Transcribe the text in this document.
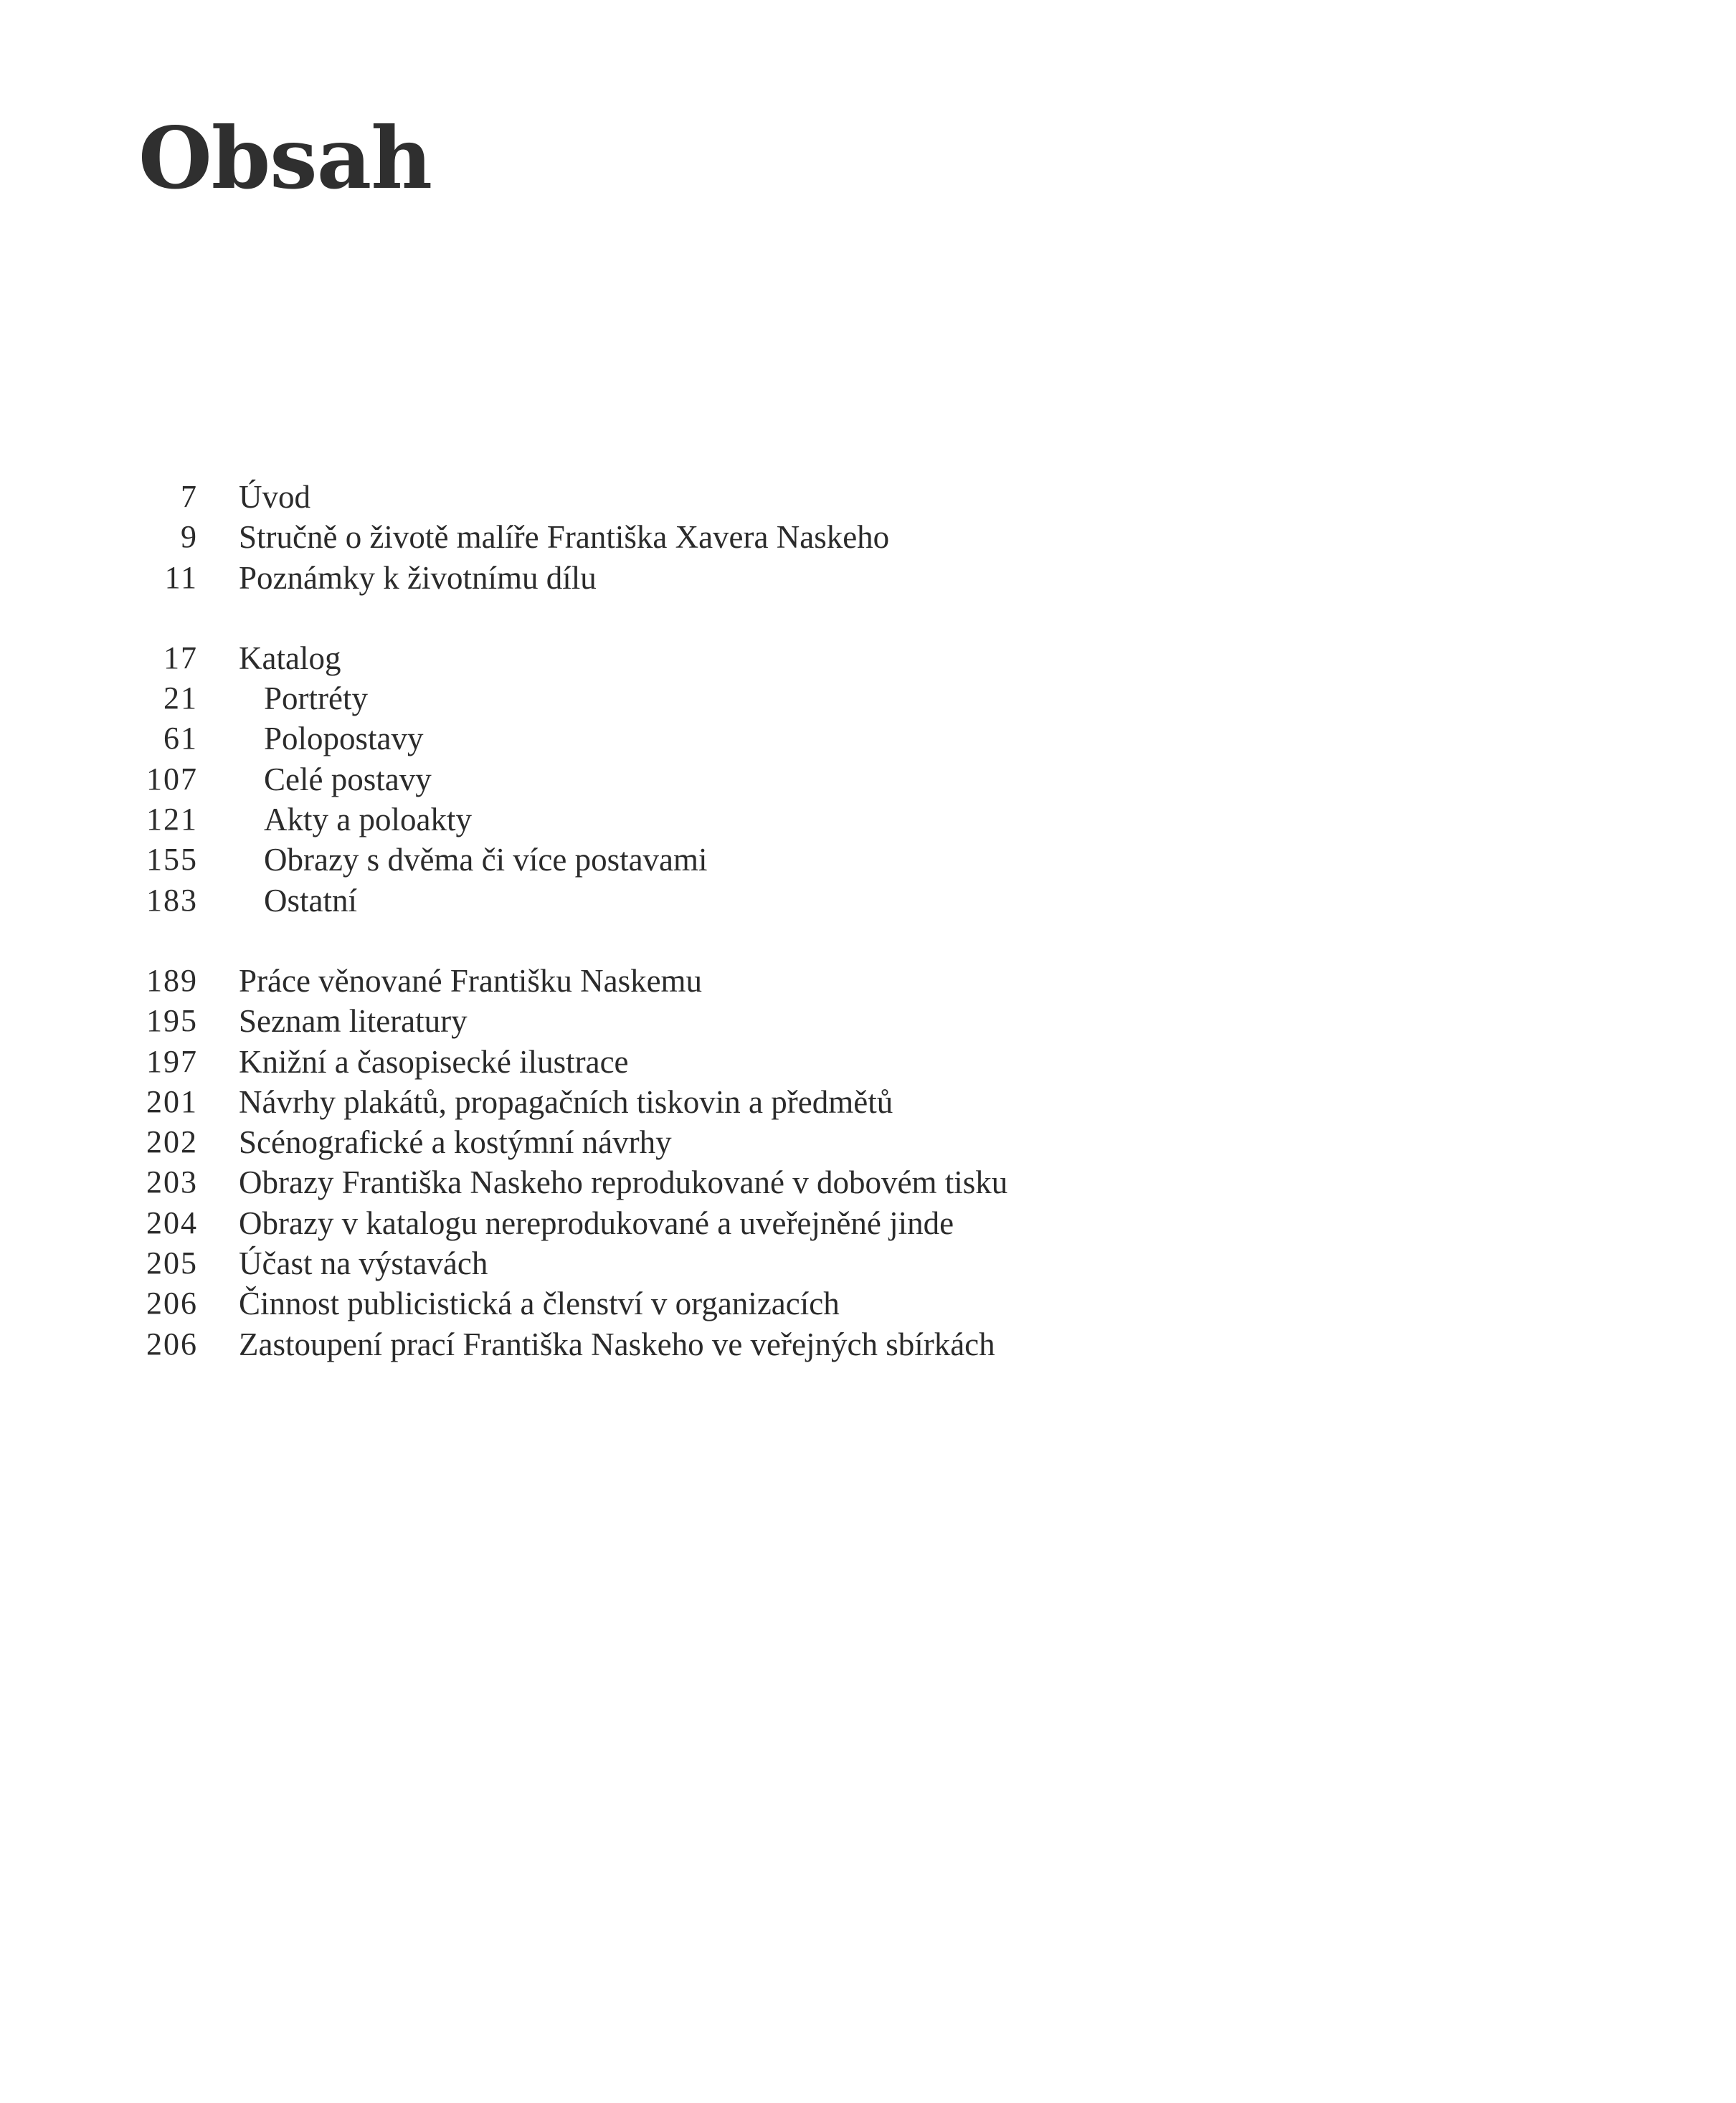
Obsah
7 Úvod
9 Stručně o životě malíře Františka Xavera Naskeho
11 Poznámky k životnímu dílu
17 Katalog
21 Portréty
61 Polopostavy
107 Celé postavy
121 Akty a poloakty
155 Obrazy s dvěma či více postavami
183 Ostatní
189 Práce věnované Františku Naskemu
195 Seznam literatury
197 Knižní a časopisecké ilustrace
201 Návrhy plakátů, propagačních tiskovin a předmětů
202 Scénografické a kostýmní návrhy
203 Obrazy Františka Naskeho reprodukované v dobovém tisku
204 Obrazy v katalogu nereprodukované a uveřejněné jinde
205 Účast na výstavách
206 Činnost publicistická a členství v organizacích
206 Zastoupení prací Františka Naskeho ve veřejných sbírkách
